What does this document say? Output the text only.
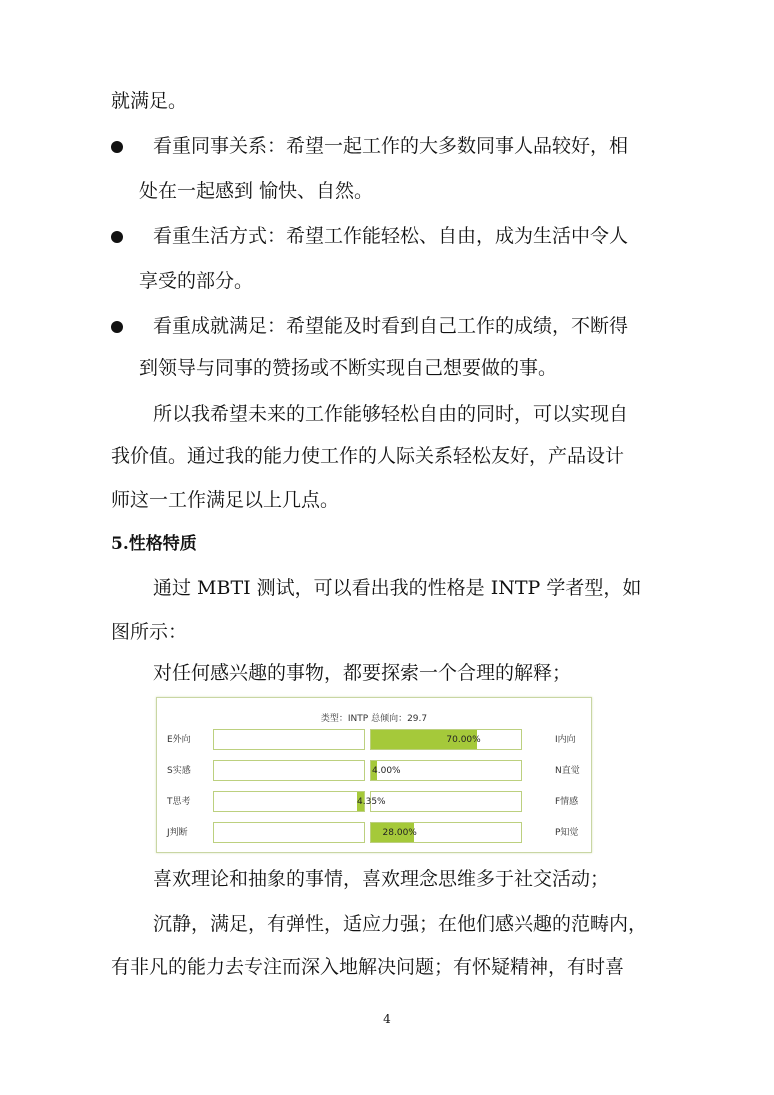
就满足。
看重同事关系：希望一起工作的大多数同事人品较好，相
处在一起感到 愉快、自然。
看重生活方式：希望工作能轻松、自由，成为生活中令人
享受的部分。
看重成就满足：希望能及时看到自己工作的成绩，不断得
到领导与同事的赞扬或不断实现自己想要做的事。
所以我希望未来的工作能够轻松自由的同时，可以实现自
我价值。通过我的能力使工作的人际关系轻松友好，产品设计
师这一工作满足以上几点。
5.性格特质
通过 MBTI 测试，可以看出我的性格是 INTP 学者型，如
图所示：
对任何感兴趣的事物，都要探索一个合理的解释；
类型：INTP 总倾向：29.7
E外向	70.00%	I内向
S实感	4.00%	N直觉
T思考	4.35%	F情感
J判断	28.00%	P知觉
喜欢理论和抽象的事情，喜欢理念思维多于社交活动；
沉静，满足，有弹性，适应力强；在他们感兴趣的范畴内，
有非凡的能力去专注而深入地解决问题；有怀疑精神，有时喜
4
